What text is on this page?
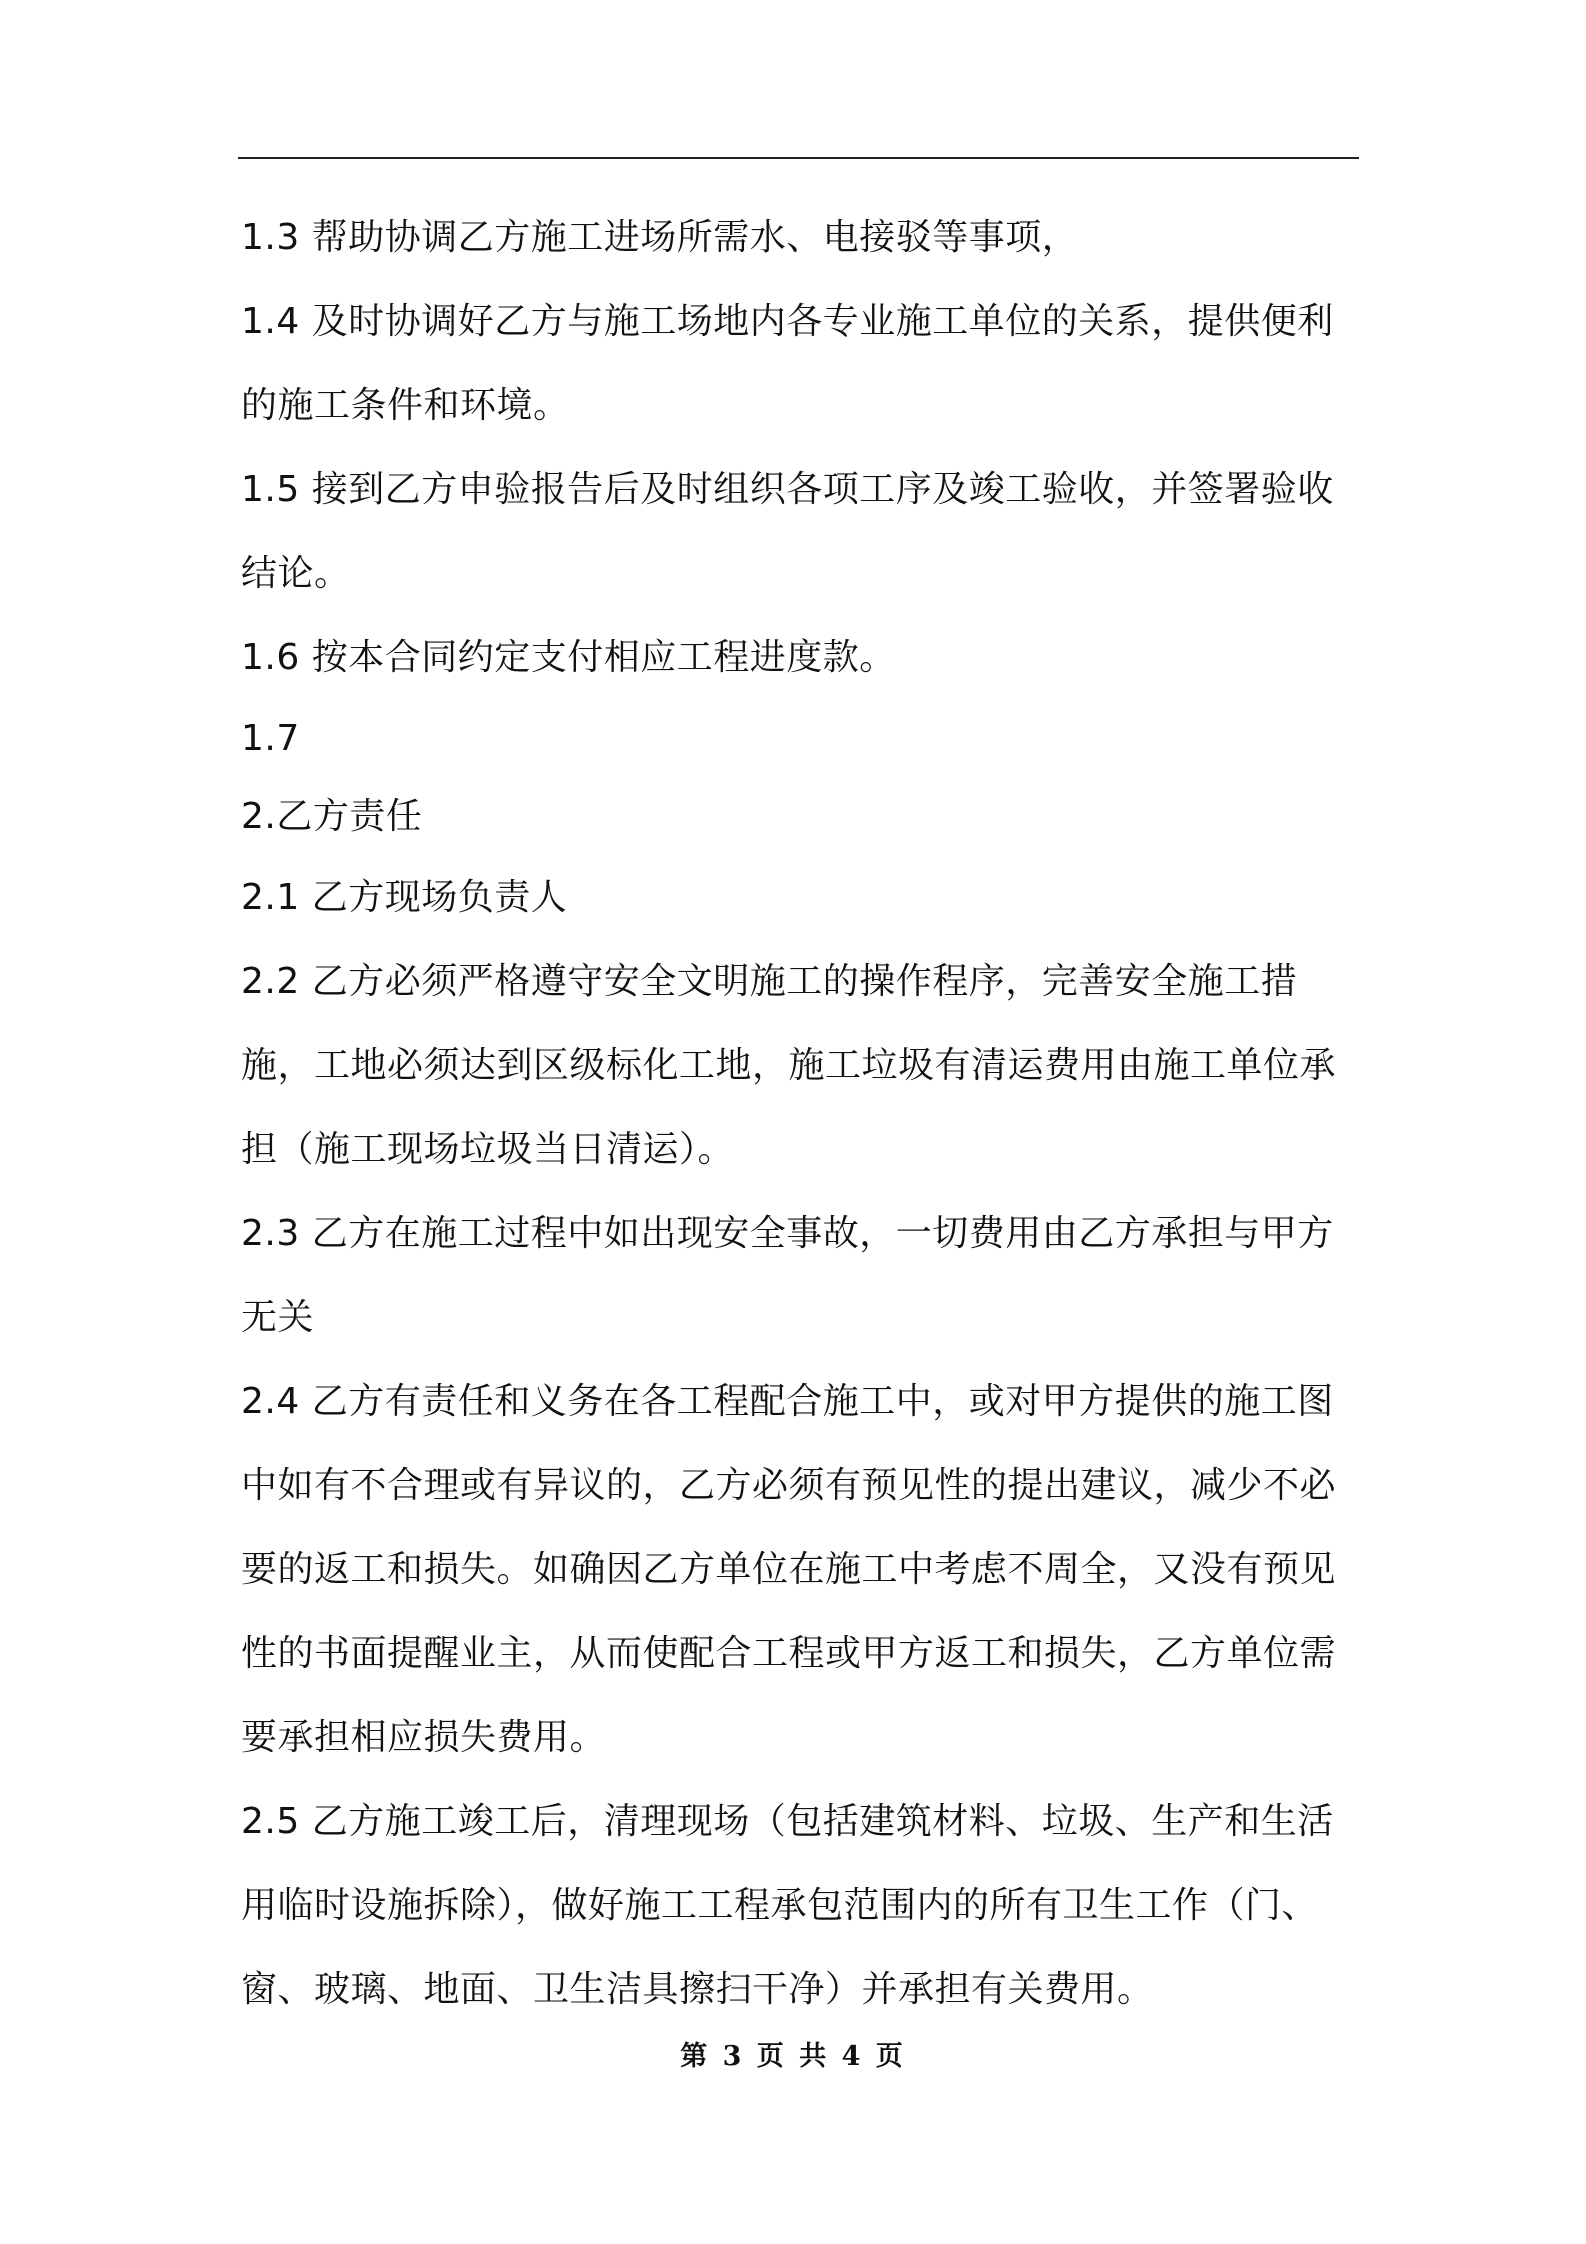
1.3 帮助协调乙方施工进场所需水、电接驳等事项，

1.4 及时协调好乙方与施工场地内各专业施工单位的关系，提供便利的施工条件和环境。

1.5 接到乙方申验报告后及时组织各项工序及竣工验收，并签署验收结论。

1.6 按本合同约定支付相应工程进度款。

1.7

2.乙方责任

2.1 乙方现场负责人

2.2 乙方必须严格遵守安全文明施工的操作程序，完善安全施工措施，工地必须达到区级标化工地，施工垃圾有清运费用由施工单位承担（施工现场垃圾当日清运）。

2.3 乙方在施工过程中如出现安全事故，一切费用由乙方承担与甲方无关

2.4 乙方有责任和义务在各工程配合施工中，或对甲方提供的施工图中如有不合理或有异议的，乙方必须有预见性的提出建议，减少不必要的返工和损失。如确因乙方单位在施工中考虑不周全，又没有预见性的书面提醒业主，从而使配合工程或甲方返工和损失，乙方单位需要承担相应损失费用。

2.5 乙方施工竣工后，清理现场（包括建筑材料、垃圾、生产和生活用临时设施拆除），做好施工工程承包范围内的所有卫生工作（门、窗、玻璃、地面、卫生洁具擦扫干净）并承担有关费用。

第 3 页 共 4 页
